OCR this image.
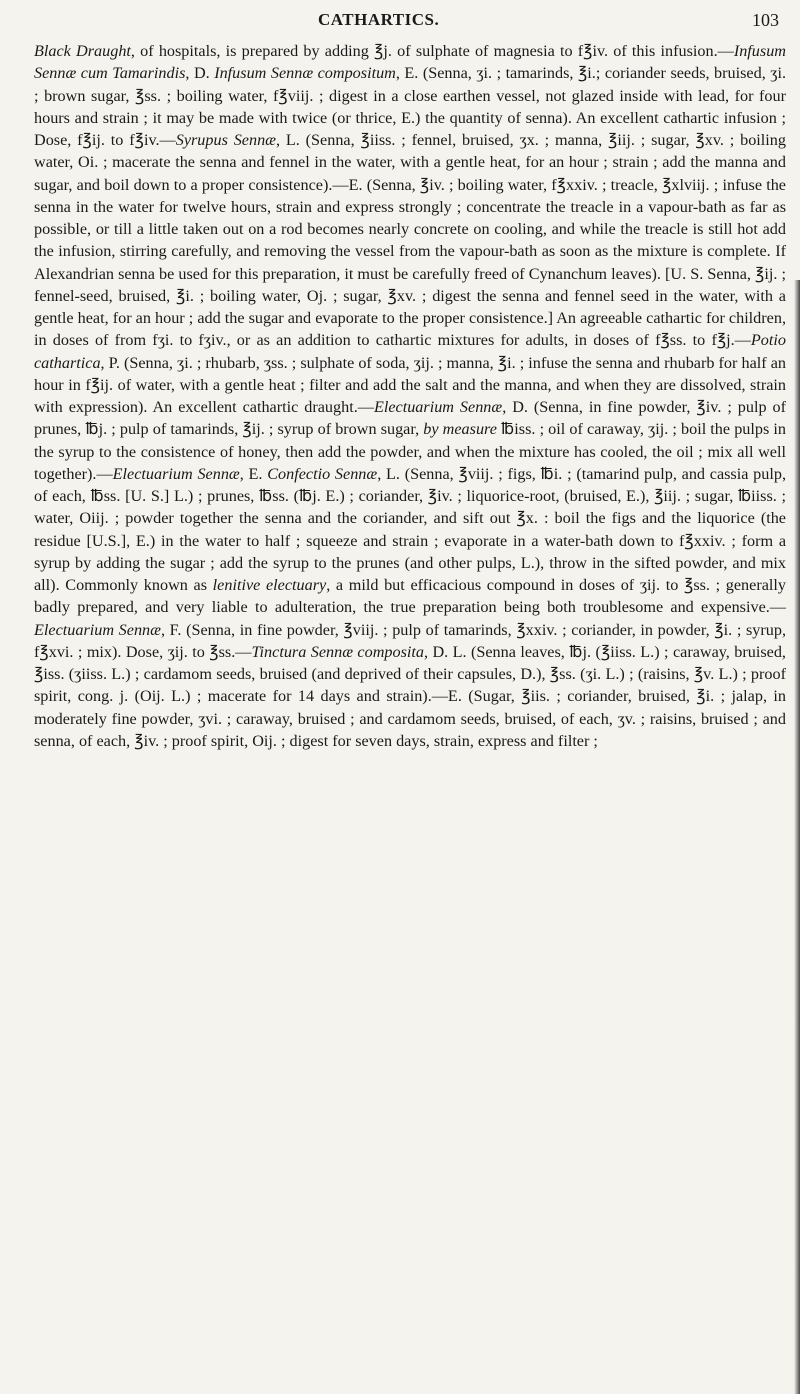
CATHARTICS.	103

Black Draught, of hospitals, is prepared by adding ℥j. of sulphate of magnesia to f℥iv. of this infusion.—Infusum Sennæ cum Tamarindis, D. Infusum Sennæ compositum, E. (Senna, ʒi. ; tamarinds, ℥i.; coriander seeds, bruised, ʒi. ; brown sugar, ℥ss. ; boiling water, f℥viij. ; digest in a close earthen vessel, not glazed inside with lead, for four hours and strain ; it may be made with twice (or thrice, E.) the quantity of senna). An excellent cathartic infusion ; Dose, f℥ij. to f℥iv.—Syrupus Sennæ, L. (Senna, ℥iiss. ; fennel, bruised, ʒx. ; manna, ℥iij. ; sugar, ℥xv. ; boiling water, Oi. ; macerate the senna and fennel in the water, with a gentle heat, for an hour ; strain ; add the manna and sugar, and boil down to a proper consistence).—E. (Senna, ℥iv. ; boiling water, f℥xxiv. ; treacle, ℥xlviij. ; infuse the senna in the water for twelve hours, strain and express strongly ; concentrate the treacle in a vapour-bath as far as possible, or till a little taken out on a rod becomes nearly concrete on cooling, and while the treacle is still hot add the infusion, stirring carefully, and removing the vessel from the vapour-bath as soon as the mixture is complete. If Alexandrian senna be used for this preparation, it must be carefully freed of Cynanchum leaves). [U. S. Senna, ℥ij. ; fennel-seed, bruised, ℥i. ; boiling water, Oj. ; sugar, ℥xv. ; digest the senna and fennel seed in the water, with a gentle heat, for an hour ; add the sugar and evaporate to the proper consistence.] An agreeable cathartic for children, in doses of from fʒi. to fʒiv., or as an addition to cathartic mixtures for adults, in doses of f℥ss. to f℥j.—Potio cathartica, P. (Senna, ʒi. ; rhubarb, ʒss. ; sulphate of soda, ʒij. ; manna, ℥i. ; infuse the senna and rhubarb for half an hour in f℥ij. of water, with a gentle heat ; filter and add the salt and the manna, and when they are dissolved, strain with expression). An excellent cathartic draught.—Electuarium Sennæ, D. (Senna, in fine powder, ℥iv. ; pulp of prunes, ℔j. ; pulp of tamarinds, ℥ij. ; syrup of brown sugar, by measure ℔iss. ; oil of caraway, ʒij. ; boil the pulps in the syrup to the consistence of honey, then add the powder, and when the mixture has cooled, the oil ; mix all well together).—Electuarium Sennæ, E. Confectio Sennæ, L. (Senna, ℥viij. ; figs, ℔i. ; (tamarind pulp, and cassia pulp, of each, ℔ss. [U. S.] L.) ; prunes, ℔ss. (℔j. E.) ; coriander, ℥iv. ; liquorice-root, (bruised, E.), ℥iij. ; sugar, ℔iiss. ; water, Oiij. ; powder together the senna and the coriander, and sift out ℥x. : boil the figs and the liquorice (the residue [U.S.], E.) in the water to half ; squeeze and strain ; evaporate in a water-bath down to f℥xxiv. ; form a syrup by adding the sugar ; add the syrup to the prunes (and other pulps, L.), throw in the sifted powder, and mix all). Commonly known as lenitive electuary, a mild but efficacious compound in doses of ʒij. to ℥ss. ; generally badly prepared, and very liable to adulteration, the true preparation being both troublesome and expensive.—Electuarium Sennæ, F. (Senna, in fine powder, ℥viij. ; pulp of tamarinds, ℥xxiv. ; coriander, in powder, ℥i. ; syrup, f℥xvi. ; mix). Dose, ʒij. to ℥ss.—Tinctura Sennæ composita, D. L. (Senna leaves, ℔j. (℥iiss. L.) ; caraway, bruised, ℥iss. (ʒiiss. L.) ; cardamom seeds, bruised (and deprived of their capsules, D.), ℥ss. (ʒi. L.) ; (raisins, ℥v. L.) ; proof spirit, cong. j. (Oij. L.) ; macerate for 14 days and strain).—E. (Sugar, ℥iis. ; coriander, bruised, ℥i. ; jalap, in moderately fine powder, ʒvi. ; caraway, bruised ; and cardamom seeds, bruised, of each, ʒv. ; raisins, bruised ; and senna, of each, ℥iv. ; proof spirit, Oij. ; digest for seven days, strain, express and filter ;
